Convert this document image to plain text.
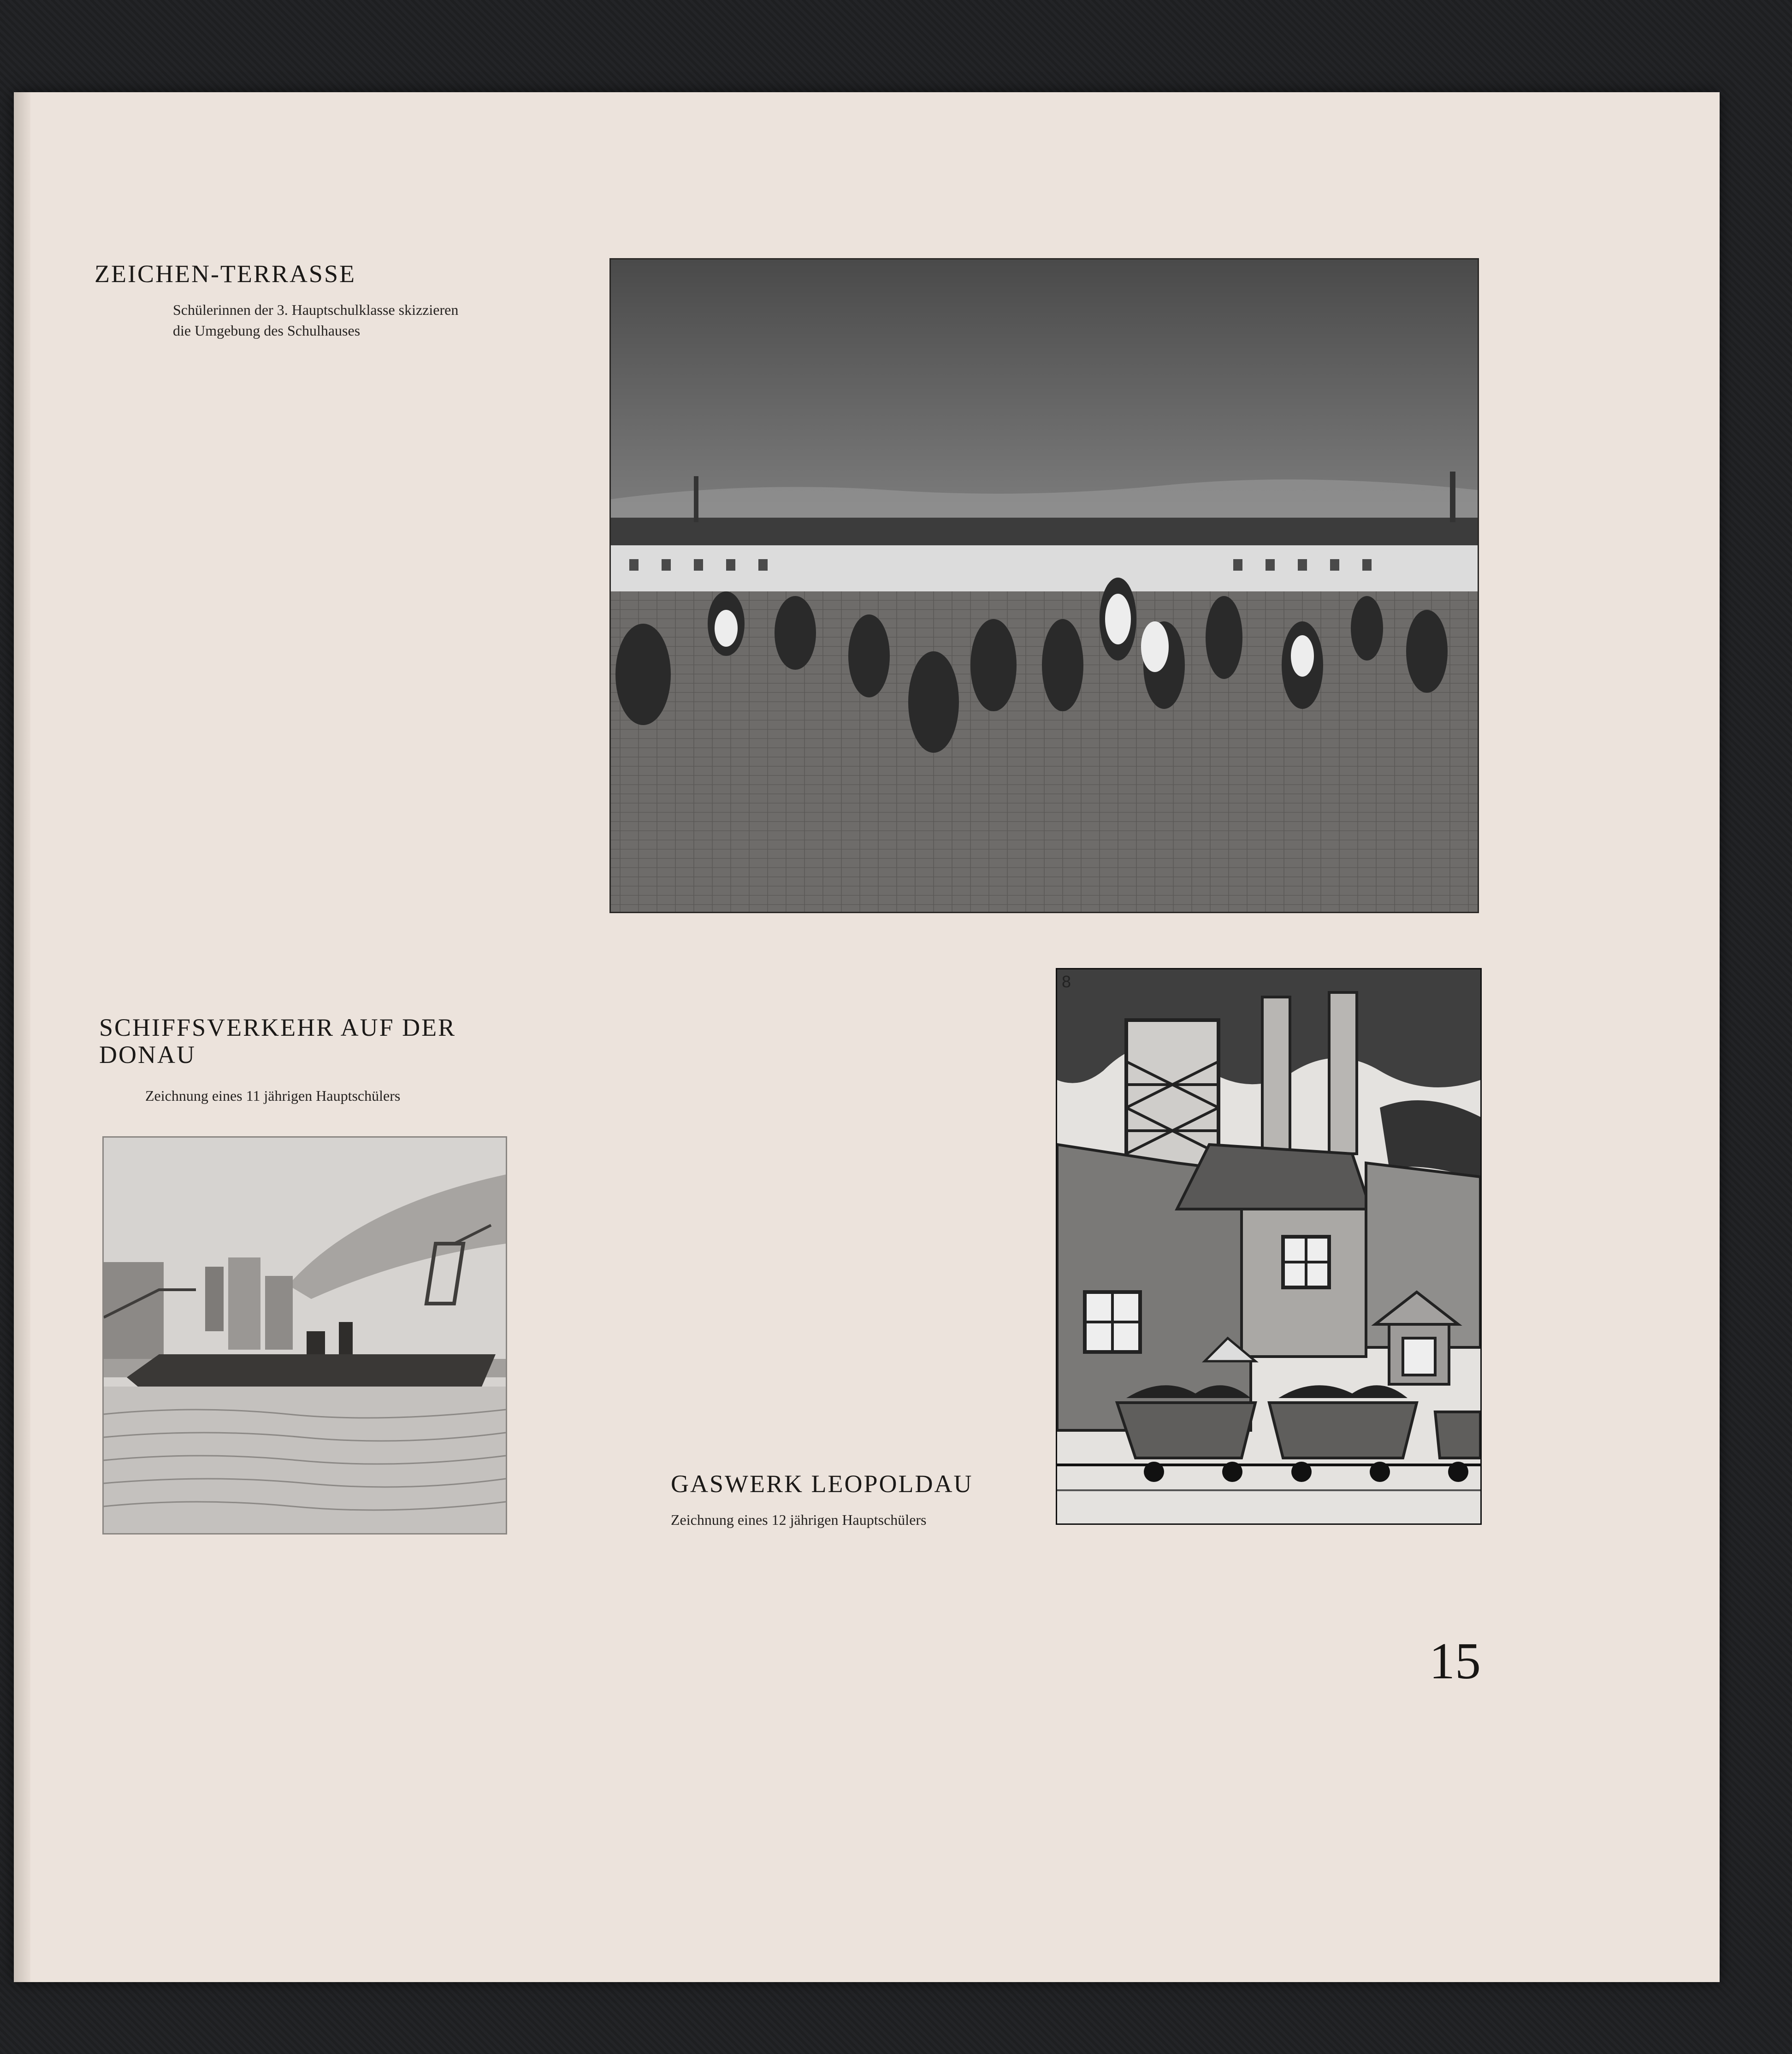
ZEICHEN-TERRASSE
Schülerinnen der 3. Hauptschulklasse skizzieren
die Umgebung des Schulhauses
SCHIFFSVERKEHR AUF DER
DONAU
Zeichnung eines 11 jährigen Hauptschülers
8
GASWERK LEOPOLDAU
Zeichnung eines 12 jährigen Hauptschülers
15
